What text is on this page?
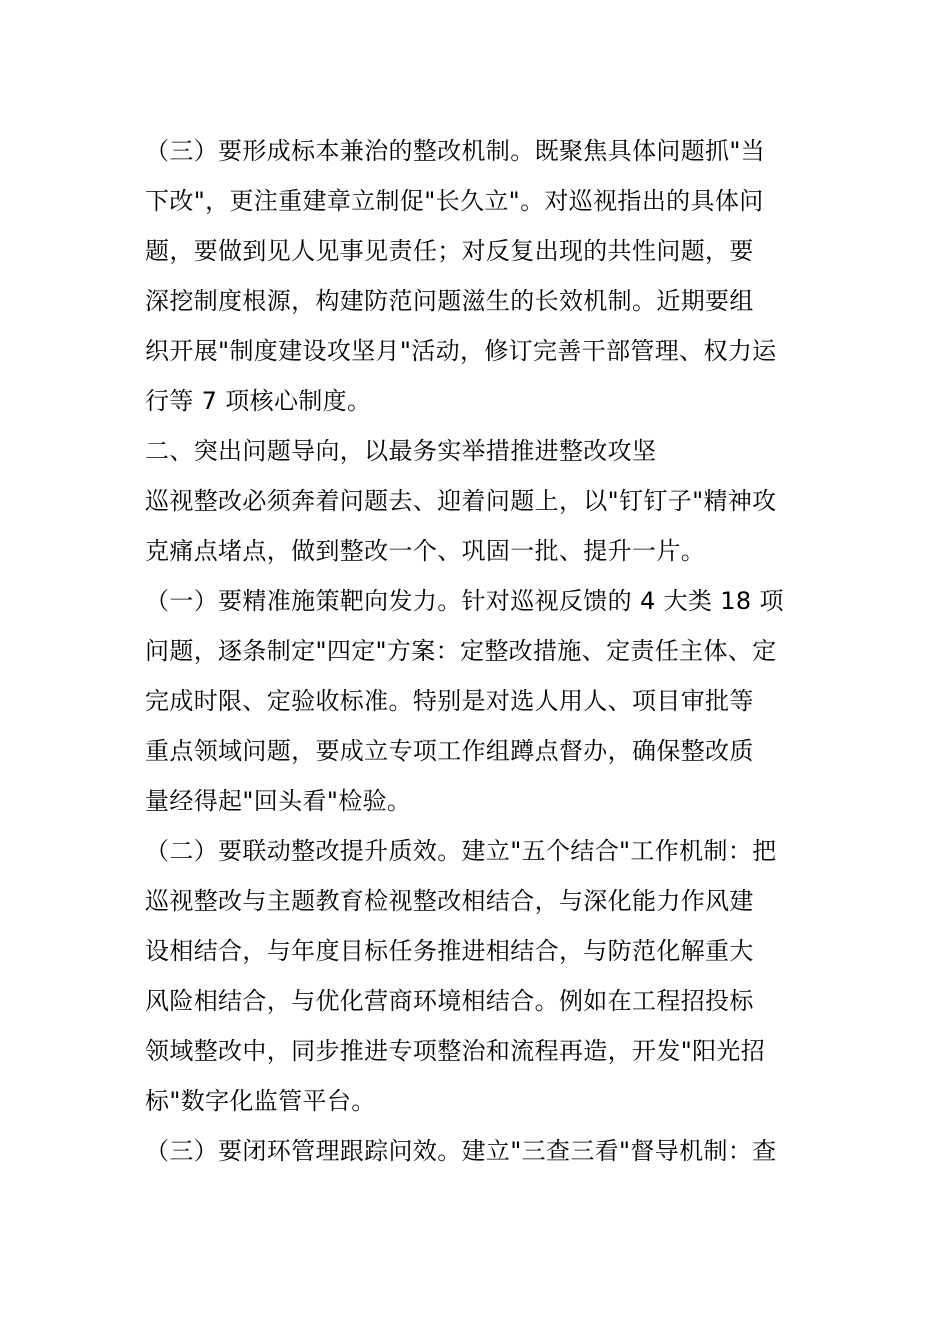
（三）要形成标本兼治的整改机制。既聚焦具体问题抓"当
下改"，更注重建章立制促"长久立"。对巡视指出的具体问
题，要做到见人见事见责任；对反复出现的共性问题，要
深挖制度根源，构建防范问题滋生的长效机制。近期要组
织开展"制度建设攻坚月"活动，修订完善干部管理、权力运
行等 7 项核心制度。

二、突出问题导向，以最务实举措推进整改攻坚

巡视整改必须奔着问题去、迎着问题上，以"钉钉子"精神攻
克痛点堵点，做到整改一个、巩固一批、提升一片。

（一）要精准施策靶向发力。针对巡视反馈的 4 大类 18 项
问题，逐条制定"四定"方案：定整改措施、定责任主体、定
完成时限、定验收标准。特别是对选人用人、项目审批等
重点领域问题，要成立专项工作组蹲点督办，确保整改质
量经得起"回头看"检验。

（二）要联动整改提升质效。建立"五个结合"工作机制：把
巡视整改与主题教育检视整改相结合，与深化能力作风建
设相结合，与年度目标任务推进相结合，与防范化解重大
风险相结合，与优化营商环境相结合。例如在工程招投标
领域整改中，同步推进专项整治和流程再造，开发"阳光招
标"数字化监管平台。

（三）要闭环管理跟踪问效。建立"三查三看"督导机制：查
